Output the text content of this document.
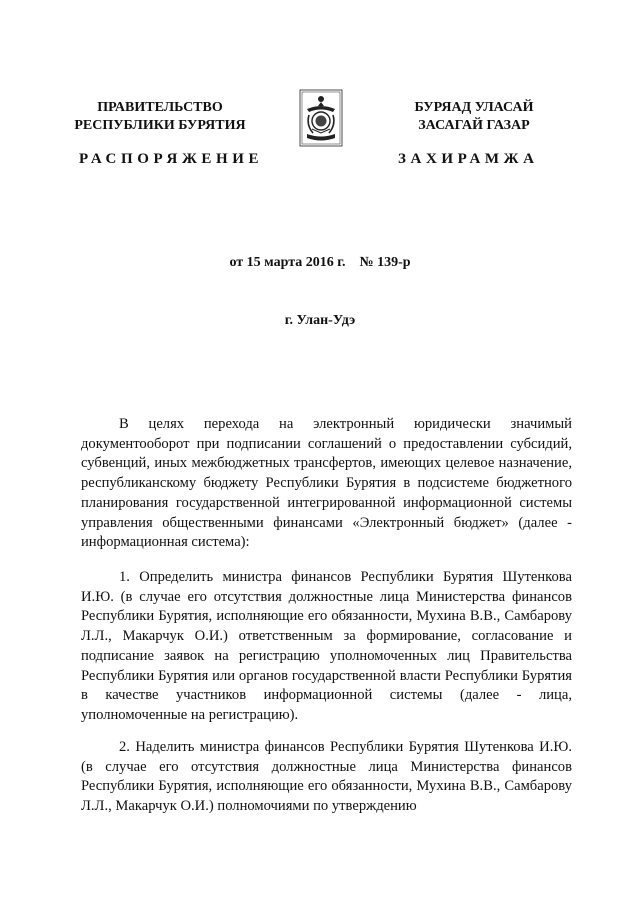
ПРАВИТЕЛЬСТВО
РЕСПУБЛИКИ БУРЯТИЯ
БУРЯАД УЛАСАЙ
ЗАСАГАЙ ГАЗАР
РАСПОРЯЖЕНИЕ	ЗАХИРАМЖА
от 15 марта 2016 г. № 139-р
г. Улан-Удэ

В целях перехода на электронный юридически значимый документооборот при подписании соглашений о предоставлении субсидий, субвенций, иных межбюджетных трансфертов, имеющих целевое назначение, республиканскому бюджету Республики Бурятия в подсистеме бюджетного планирования государственной интегрированной информационной системы управления общественными финансами «Электронный бюджет» (далее - информационная система):

1. Определить министра финансов Республики Бурятия Шутенкова И.Ю. (в случае его отсутствия должностные лица Министерства финансов Республики Бурятия, исполняющие его обязанности, Мухина В.В., Самбарову Л.Л., Макарчук О.И.) ответственным за формирование, согласование и подписание заявок на регистрацию уполномоченных лиц Правительства Республики Бурятия или органов государственной власти Республики Бурятия в качестве участников информационной системы (далее - лица, уполномоченные на регистрацию).

2. Наделить министра финансов Республики Бурятия Шутенкова И.Ю. (в случае его отсутствия должностные лица Министерства финансов Республики Бурятия, исполняющие его обязанности, Мухина В.В., Самбарову Л.Л., Макарчук О.И.) полномочиями по утверждению
